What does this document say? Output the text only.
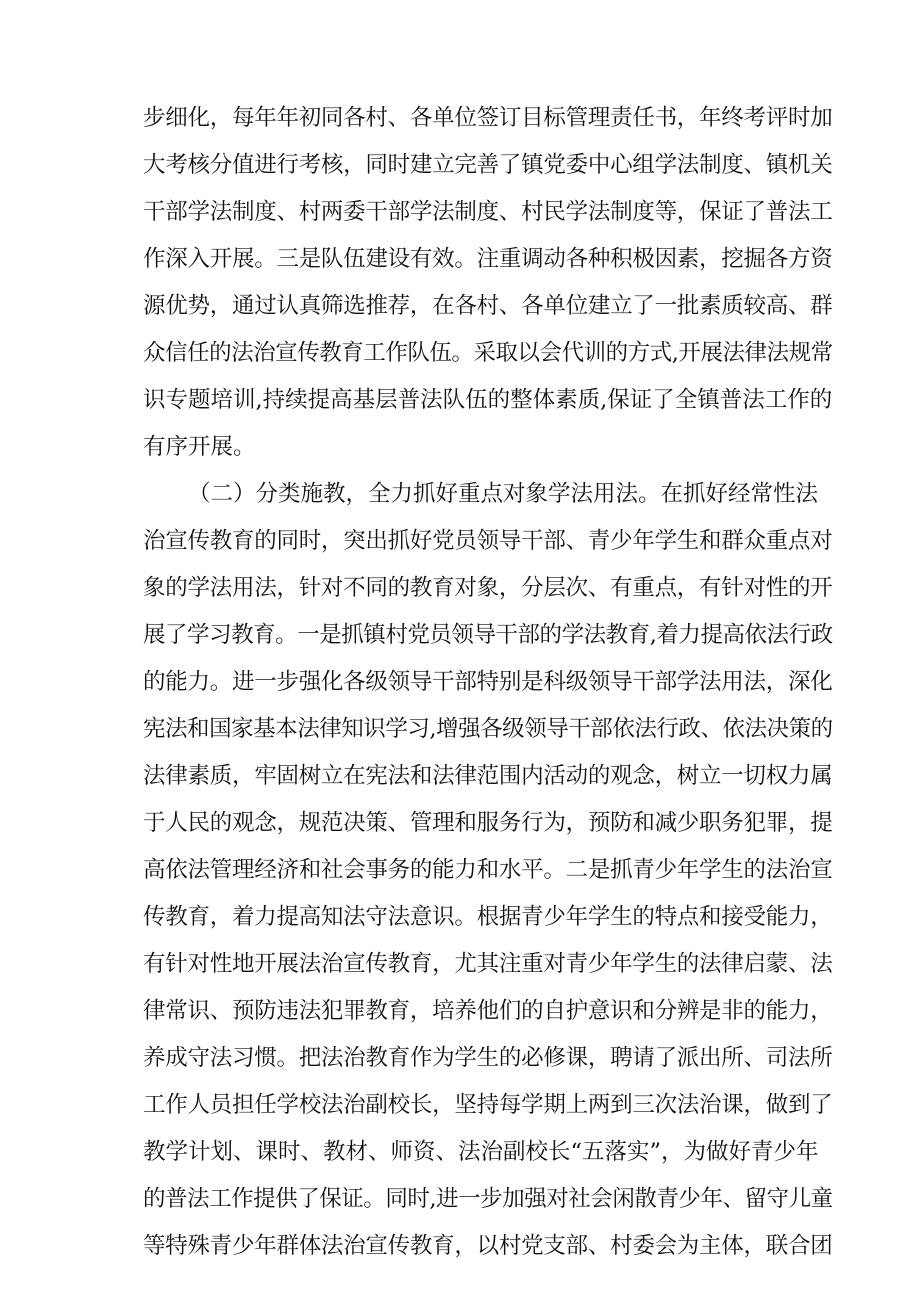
步细化，每年年初同各村、各单位签订目标管理责任书，年终考评时加
大考核分值进行考核，同时建立完善了镇党委中心组学法制度、镇机关
干部学法制度、村两委干部学法制度、村民学法制度等，保证了普法工
作深入开展。三是队伍建设有效。注重调动各种积极因素，挖掘各方资
源优势，通过认真筛选推荐，在各村、各单位建立了一批素质较高、群
众信任的法治宣传教育工作队伍。采取以会代训的方式,开展法律法规常
识专题培训,持续提高基层普法队伍的整体素质,保证了全镇普法工作的
有序开展。
（二）分类施教，全力抓好重点对象学法用法。在抓好经常性法
治宣传教育的同时，突出抓好党员领导干部、青少年学生和群众重点对
象的学法用法，针对不同的教育对象，分层次、有重点，有针对性的开
展了学习教育。一是抓镇村党员领导干部的学法教育,着力提高依法行政
的能力。进一步强化各级领导干部特别是科级领导干部学法用法，深化
宪法和国家基本法律知识学习,增强各级领导干部依法行政、依法决策的
法律素质，牢固树立在宪法和法律范围内活动的观念，树立一切权力属
于人民的观念，规范决策、管理和服务行为，预防和减少职务犯罪，提
高依法管理经济和社会事务的能力和水平。二是抓青少年学生的法治宣
传教育，着力提高知法守法意识。根据青少年学生的特点和接受能力，
有针对性地开展法治宣传教育，尤其注重对青少年学生的法律启蒙、法
律常识、预防违法犯罪教育，培养他们的自护意识和分辨是非的能力，
养成守法习惯。把法治教育作为学生的必修课，聘请了派出所、司法所
工作人员担任学校法治副校长，坚持每学期上两到三次法治课，做到了
教学计划、课时、教材、师资、法治副校长“五落实”，为做好青少年
的普法工作提供了保证。同时,进一步加强对社会闲散青少年、留守儿童
等特殊青少年群体法治宣传教育，以村党支部、村委会为主体，联合团
